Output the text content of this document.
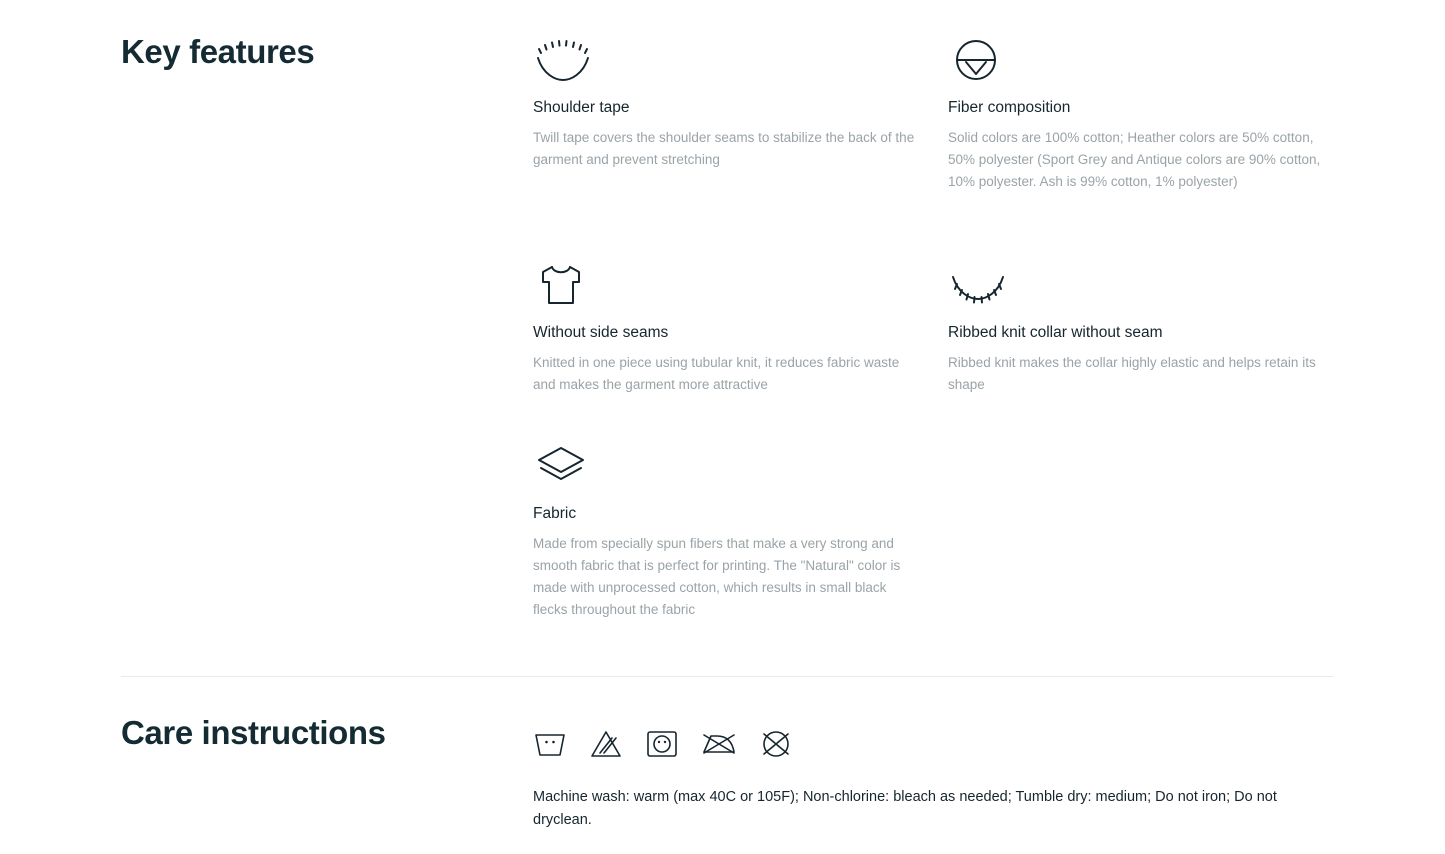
Key features
Shoulder tape
Twill tape covers the shoulder seams to stabilize the back of the garment and prevent stretching
Fiber composition
Solid colors are 100% cotton; Heather colors are 50% cotton, 50% polyester (Sport Grey and Antique colors are 90% cotton, 10% polyester. Ash is 99% cotton, 1% polyester)
Without side seams
Knitted in one piece using tubular knit, it reduces fabric waste and makes the garment more attractive
Ribbed knit collar without seam
Ribbed knit makes the collar highly elastic and helps retain its shape
Fabric
Made from specially spun fibers that make a very strong and smooth fabric that is perfect for printing. The "Natural" color is made with unprocessed cotton, which results in small black flecks throughout the fabric
Care instructions

Machine wash: warm (max 40C or 105F); Non-chlorine: bleach as needed; Tumble dry: medium; Do not iron; Do not dryclean.
